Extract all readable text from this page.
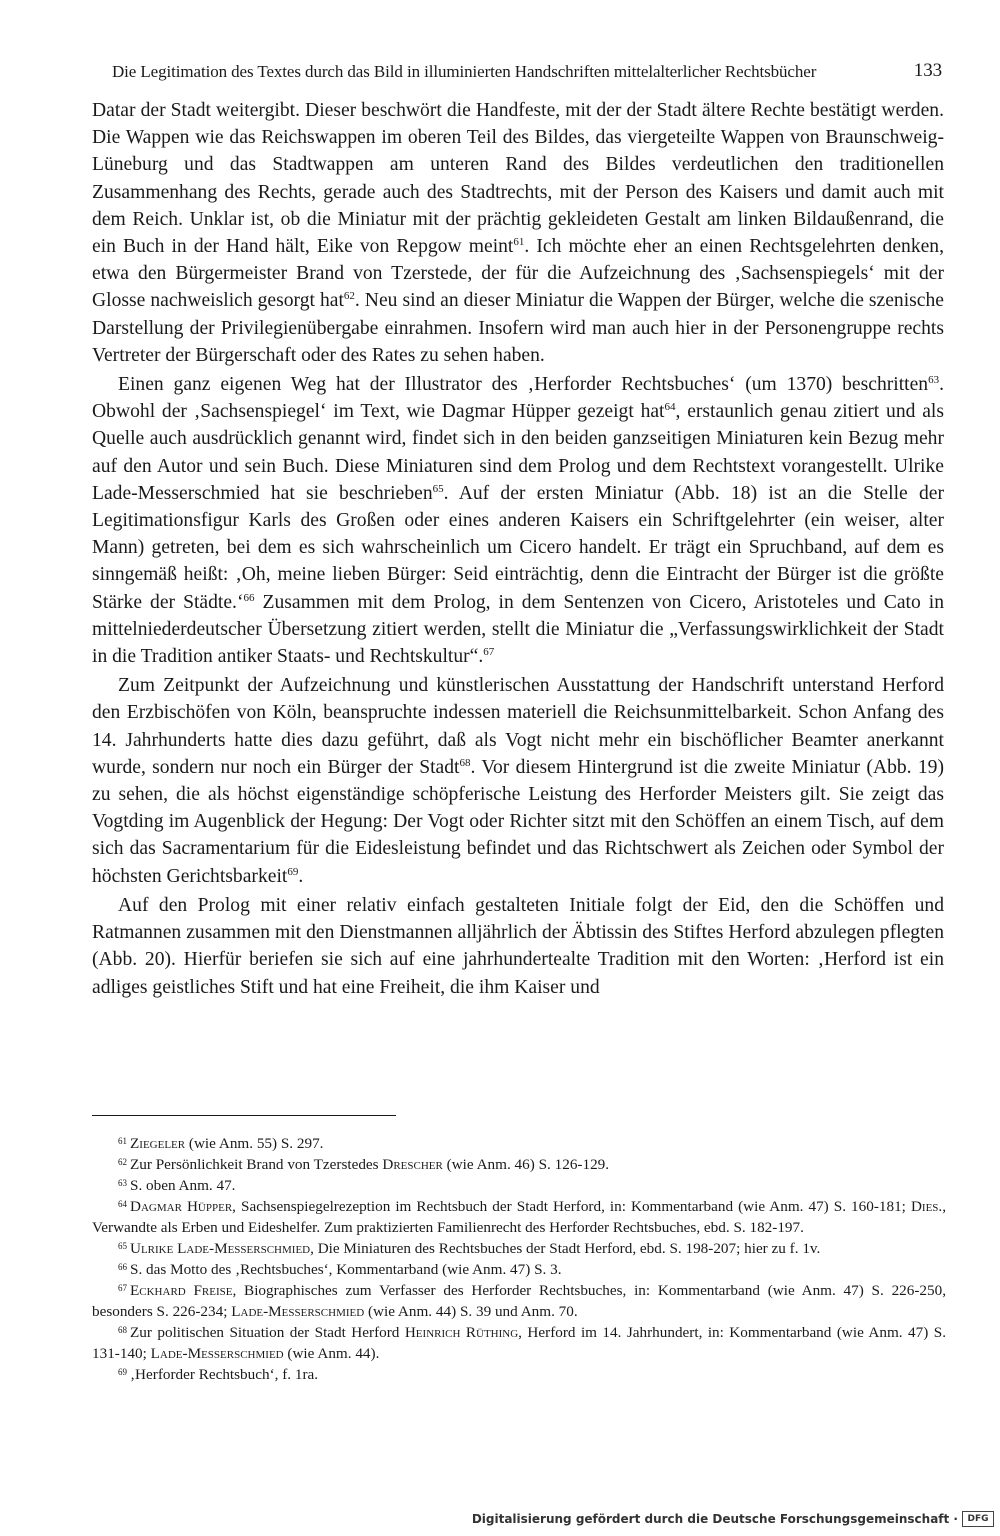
Die Legitimation des Textes durch das Bild in illuminierten Handschriften mittelalterlicher Rechtsbücher	133

Datar der Stadt weitergibt. Dieser beschwört die Handfeste, mit der der Stadt ältere Rechte bestätigt werden. Die Wappen wie das Reichswappen im oberen Teil des Bildes, das viergeteilte Wappen von Braunschweig-Lüneburg und das Stadtwappen am unteren Rand des Bildes verdeutlichen den traditionellen Zusammenhang des Rechts, gerade auch des Stadtrechts, mit der Person des Kaisers und damit auch mit dem Reich. Unklar ist, ob die Miniatur mit der prächtig gekleideten Gestalt am linken Bildaußenrand, die ein Buch in der Hand hält, Eike von Repgow meint$^{61}$. Ich möchte eher an einen Rechtsgelehrten denken, etwa den Bürgermeister Brand von Tzerstede, der für die Aufzeichnung des ‚Sachsenspiegels‘ mit der Glosse nachweislich gesorgt hat$^{62}$. Neu sind an dieser Miniatur die Wappen der Bürger, welche die szenische Darstellung der Privilegienübergabe einrahmen. Insofern wird man auch hier in der Personengruppe rechts Vertreter der Bürgerschaft oder des Rates zu sehen haben.

Einen ganz eigenen Weg hat der Illustrator des ‚Herforder Rechtsbuches‘ (um 1370) beschritten$^{63}$. Obwohl der ‚Sachsenspiegel‘ im Text, wie Dagmar Hüpper gezeigt hat$^{64}$, erstaunlich genau zitiert und als Quelle auch ausdrücklich genannt wird, findet sich in den beiden ganzseitigen Miniaturen kein Bezug mehr auf den Autor und sein Buch. Diese Miniaturen sind dem Prolog und dem Rechtstext vorangestellt. Ulrike Lade-Messerschmied hat sie beschrieben$^{65}$. Auf der ersten Miniatur (Abb. 18) ist an die Stelle der Legitimationsfigur Karls des Großen oder eines anderen Kaisers ein Schriftgelehrter (ein weiser, alter Mann) getreten, bei dem es sich wahrscheinlich um Cicero handelt. Er trägt ein Spruchband, auf dem es sinngemäß heißt: ‚Oh, meine lieben Bürger: Seid einträchtig, denn die Eintracht der Bürger ist die größte Stärke der Städte.‘$^{66}$ Zusammen mit dem Prolog, in dem Sentenzen von Cicero, Aristoteles und Cato in mittelniederdeutscher Übersetzung zitiert werden, stellt die Miniatur die „Verfassungswirklichkeit der Stadt in die Tradition antiker Staats- und Rechtskultur“.$^{67}$

Zum Zeitpunkt der Aufzeichnung und künstlerischen Ausstattung der Handschrift unterstand Herford den Erzbischöfen von Köln, beanspruchte indessen materiell die Reichsunmittelbarkeit. Schon Anfang des 14. Jahrhunderts hatte dies dazu geführt, daß als Vogt nicht mehr ein bischöflicher Beamter anerkannt wurde, sondern nur noch ein Bürger der Stadt$^{68}$. Vor diesem Hintergrund ist die zweite Miniatur (Abb. 19) zu sehen, die als höchst eigenständige schöpferische Leistung des Herforder Meisters gilt. Sie zeigt das Vogtding im Augenblick der Hegung: Der Vogt oder Richter sitzt mit den Schöffen an einem Tisch, auf dem sich das Sacramentarium für die Eidesleistung befindet und das Richtschwert als Zeichen oder Symbol der höchsten Gerichtsbarkeit$^{69}$.

Auf den Prolog mit einer relativ einfach gestalteten Initiale folgt der Eid, den die Schöffen und Ratmannen zusammen mit den Dienstmannen alljährlich der Äbtissin des Stiftes Herford abzulegen pflegten (Abb. 20). Hierfür beriefen sie sich auf eine jahrhundertealte Tradition mit den Worten: ‚Herford ist ein adliges geistliches Stift und hat eine Freiheit, die ihm Kaiser und

$^{61}$ Ziegeler (wie Anm. 55) S. 297.

$^{62}$ Zur Persönlichkeit Brand von Tzerstedes Drescher (wie Anm. 46) S. 126-129.

$^{63}$ S. oben Anm. 47.

$^{64}$ Dagmar Hüpper, Sachsenspiegelrezeption im Rechtsbuch der Stadt Herford, in: Kommentarband (wie Anm. 47) S. 160-181; Dies., Verwandte als Erben und Eideshelfer. Zum praktizierten Familienrecht des Herforder Rechtsbuches, ebd. S. 182-197.

$^{65}$ Ulrike Lade-Messerschmied, Die Miniaturen des Rechtsbuches der Stadt Herford, ebd. S. 198-207; hier zu f. 1v.

$^{66}$ S. das Motto des ‚Rechtsbuches‘, Kommentarband (wie Anm. 47) S. 3.

$^{67}$ Eckhard Freise, Biographisches zum Verfasser des Herforder Rechtsbuches, in: Kommentarband (wie Anm. 47) S. 226-250, besonders S. 226-234; Lade-Messerschmied (wie Anm. 44) S. 39 und Anm. 70.

$^{68}$ Zur politischen Situation der Stadt Herford Heinrich Rüthing, Herford im 14. Jahrhundert, in: Kommentarband (wie Anm. 47) S. 131-140; Lade-Messerschmied (wie Anm. 44).

$^{69}$ ‚Herforder Rechtsbuch‘, f. 1ra.

Digitalisierung gefördert durch die Deutsche Forschungsgemeinschaft ·	DFG
